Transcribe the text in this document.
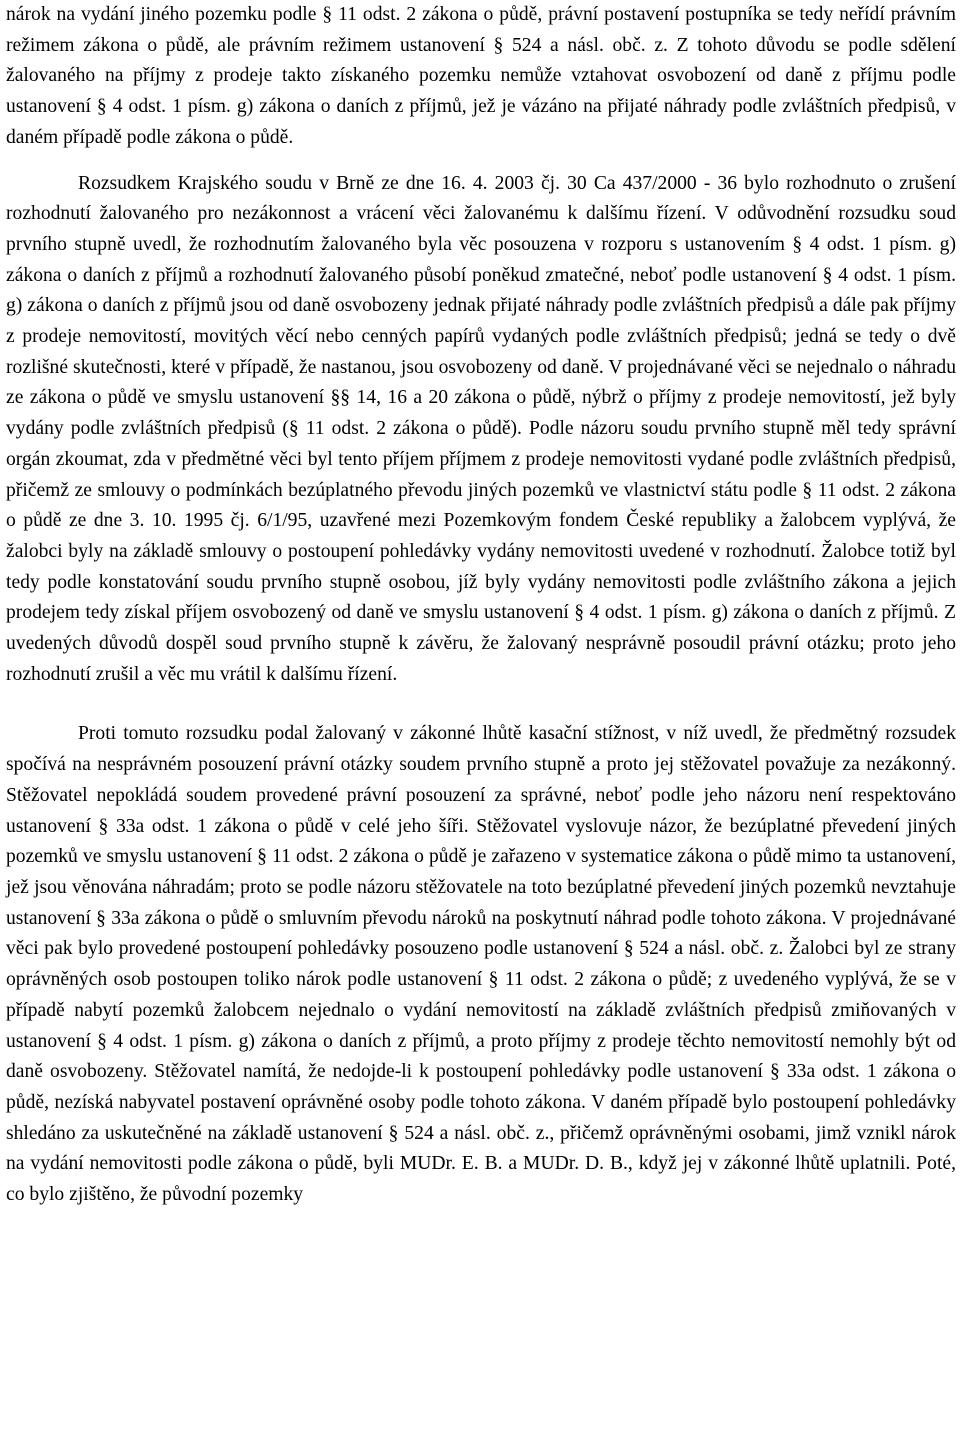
nárok na vydání jiného pozemku podle § 11 odst. 2 zákona o půdě, právní postavení postupníka se tedy neřídí právním režimem zákona o půdě, ale právním režimem ustanovení § 524 a násl. obč. z. Z tohoto důvodu se podle sdělení žalovaného na příjmy z prodeje takto získaného pozemku nemůže vztahovat osvobození od daně z příjmu podle ustanovení § 4 odst. 1 písm. g) zákona o daních z příjmů, jež je vázáno na přijaté náhrady podle zvláštních předpisů, v daném případě podle zákona o půdě.

Rozsudkem Krajského soudu v Brně ze dne 16. 4. 2003 čj. 30 Ca 437/2000 - 36 bylo rozhodnuto o zrušení rozhodnutí žalovaného pro nezákonnost a vrácení věci žalovanému k dalšímu řízení. V odůvodnění rozsudku soud prvního stupně uvedl, že rozhodnutím žalovaného byla věc posouzena v rozporu s ustanovením § 4 odst. 1 písm. g) zákona o daních z příjmů a rozhodnutí žalovaného působí poněkud zmatečné, neboť podle ustanovení § 4 odst. 1 písm. g) zákona o daních z příjmů jsou od daně osvobozeny jednak přijaté náhrady podle zvláštních předpisů a dále pak příjmy z prodeje nemovitostí, movitých věcí nebo cenných papírů vydaných podle zvláštních předpisů; jedná se tedy o dvě rozlišné skutečnosti, které v případě, že nastanou, jsou osvobozeny od daně. V projednávané věci se nejednalo o náhradu ze zákona o půdě ve smyslu ustanovení §§ 14, 16 a 20 zákona o půdě, nýbrž o příjmy z prodeje nemovitostí, jež byly vydány podle zvláštních předpisů (§ 11 odst. 2 zákona o půdě). Podle názoru soudu prvního stupně měl tedy správní orgán zkoumat, zda v předmětné věci byl tento příjem příjmem z prodeje nemovitosti vydané podle zvláštních předpisů, přičemž ze smlouvy o podmínkách bezúplatného převodu jiných pozemků ve vlastnictví státu podle § 11 odst. 2 zákona o půdě ze dne 3. 10. 1995 čj. 6/1/95, uzavřené mezi Pozemkovým fondem České republiky a žalobcem vyplývá, že žalobci byly na základě smlouvy o postoupení pohledávky vydány nemovitosti uvedené v rozhodnutí. Žalobce totiž byl tedy podle konstatování soudu prvního stupně osobou, jíž byly vydány nemovitosti podle zvláštního zákona a jejich prodejem tedy získal příjem osvobozený od daně ve smyslu ustanovení § 4 odst. 1 písm. g) zákona o daních z příjmů. Z uvedených důvodů dospěl soud prvního stupně k závěru, že žalovaný nesprávně posoudil právní otázku; proto jeho rozhodnutí zrušil a věc mu vrátil k dalšímu řízení.

Proti tomuto rozsudku podal žalovaný v zákonné lhůtě kasační stížnost, v níž uvedl, že předmětný rozsudek spočívá na nesprávném posouzení právní otázky soudem prvního stupně a proto jej stěžovatel považuje za nezákonný. Stěžovatel nepokládá soudem provedené právní posouzení za správné, neboť podle jeho názoru není respektováno ustanovení § 33a odst. 1 zákona o půdě v celé jeho šíři. Stěžovatel vyslovuje názor, že bezúplatné převedení jiných pozemků ve smyslu ustanovení § 11 odst. 2 zákona o půdě je zařazeno v systematice zákona o půdě mimo ta ustanovení, jež jsou věnována náhradám; proto se podle názoru stěžovatele na toto bezúplatné převedení jiných pozemků nevztahuje ustanovení § 33a zákona o půdě o smluvním převodu nároků na poskytnutí náhrad podle tohoto zákona. V projednávané věci pak bylo provedené postoupení pohledávky posouzeno podle ustanovení § 524 a násl. obč. z. Žalobci byl ze strany oprávněných osob postoupen toliko nárok podle ustanovení § 11 odst. 2 zákona o půdě; z uvedeného vyplývá, že se v případě nabytí pozemků žalobcem nejednalo o vydání nemovitostí na základě zvláštních předpisů zmiňovaných v ustanovení § 4 odst. 1 písm. g) zákona o daních z příjmů, a proto příjmy z prodeje těchto nemovitostí nemohly být od daně osvobozeny. Stěžovatel namítá, že nedojde-li k postoupení pohledávky podle ustanovení § 33a odst. 1 zákona o půdě, nezíská nabyvatel postavení oprávněné osoby podle tohoto zákona. V daném případě bylo postoupení pohledávky shledáno za uskutečněné na základě ustanovení § 524 a násl. obč. z., přičemž oprávněnými osobami, jimž vznikl nárok na vydání nemovitosti podle zákona o půdě, byli MUDr. E. B. a MUDr. D. B., když jej v zákonné lhůtě uplatnili. Poté, co bylo zjištěno, že původní pozemky
